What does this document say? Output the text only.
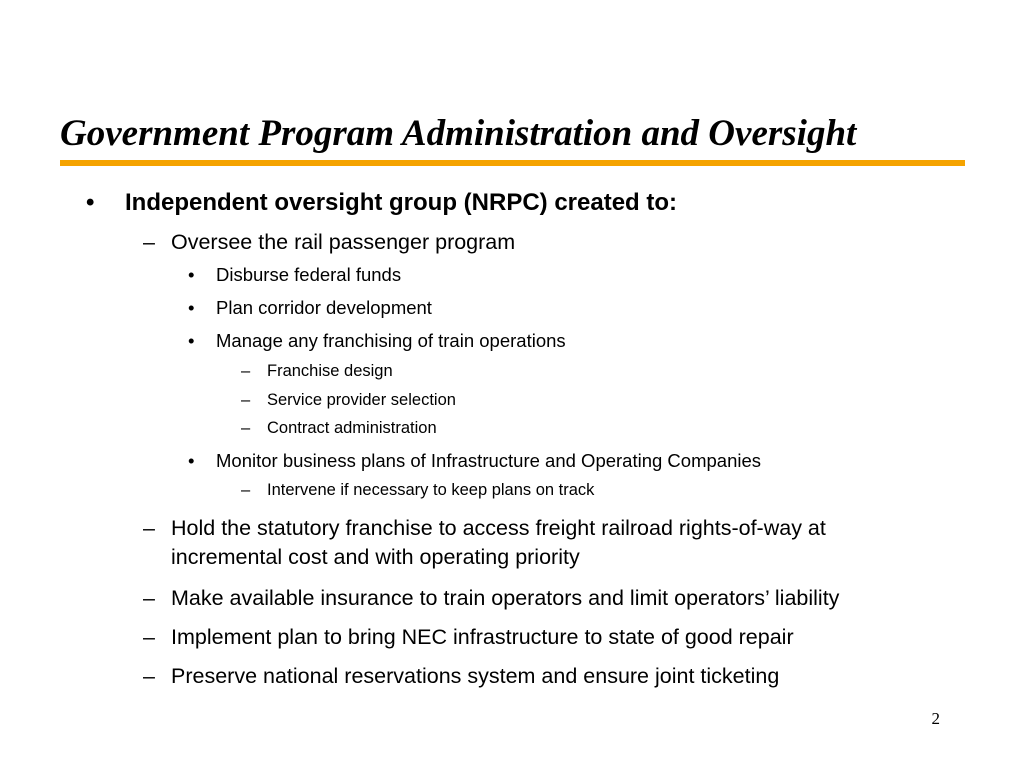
Government Program Administration and Oversight
• Independent oversight group (NRPC) created to:
– Oversee the rail passenger program
• Disburse federal funds
• Plan corridor development
• Manage any franchising of train operations
– Franchise design
– Service provider selection
– Contract administration
• Monitor business plans of Infrastructure and Operating Companies
– Intervene if necessary to keep plans on track
– Hold the statutory franchise to access freight railroad rights-of-way at
incremental cost and with operating priority
– Make available insurance to train operators and limit operators’ liability
– Implement plan to bring NEC infrastructure to state of good repair
– Preserve national reservations system and ensure joint ticketing
2
